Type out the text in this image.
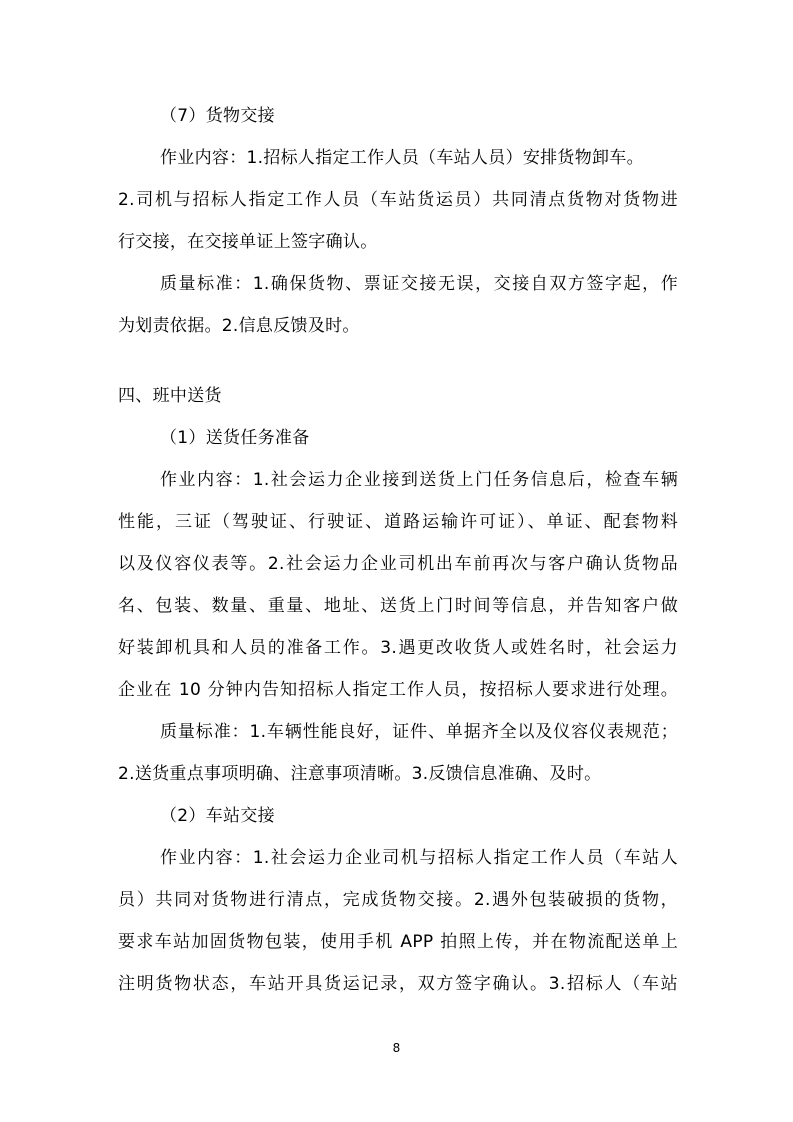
（7）货物交接
作业内容：1.招标人指定工作人员（车站人员）安排货物卸车。
2.司机与招标人指定工作人员（车站货运员）共同清点货物对货物进
行交接，在交接单证上签字确认。
质量标准：1.确保货物、票证交接无误，交接自双方签字起，作
为划责依据。2.信息反馈及时。
四、班中送货
（1）送货任务准备
作业内容：1.社会运力企业接到送货上门任务信息后，检查车辆
性能，三证（驾驶证、行驶证、道路运输许可证）、单证、配套物料
以及仪容仪表等。2.社会运力企业司机出车前再次与客户确认货物品
名、包装、数量、重量、地址、送货上门时间等信息，并告知客户做
好装卸机具和人员的准备工作。3.遇更改收货人或姓名时，社会运力
企业在 10 分钟内告知招标人指定工作人员，按招标人要求进行处理。
质量标准：1.车辆性能良好，证件、单据齐全以及仪容仪表规范；
2.送货重点事项明确、注意事项清晰。3.反馈信息准确、及时。
（2）车站交接
作业内容：1.社会运力企业司机与招标人指定工作人员（车站人
员）共同对货物进行清点，完成货物交接。2.遇外包装破损的货物，
要求车站加固货物包装，使用手机 APP 拍照上传，并在物流配送单上
注明货物状态，车站开具货运记录，双方签字确认。3.招标人（车站
8
